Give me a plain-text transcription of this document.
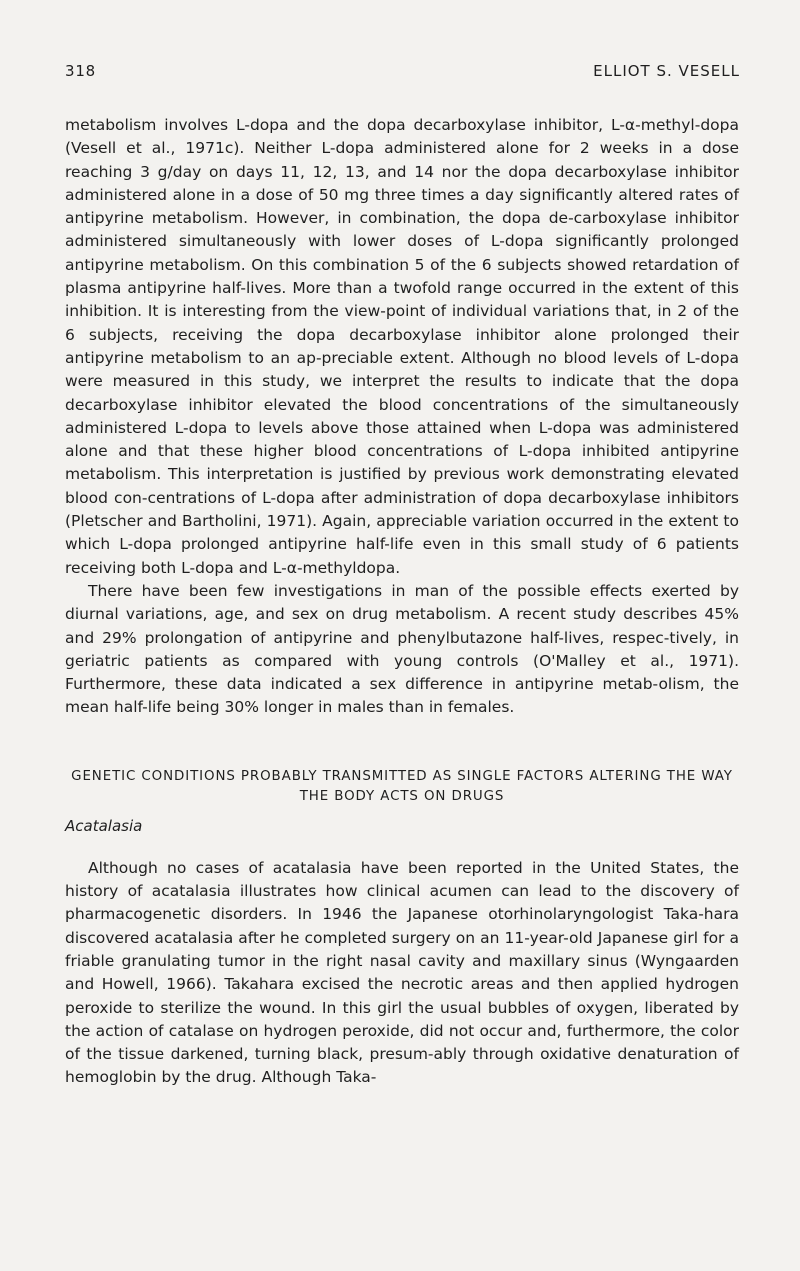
318	ELLIOT S. VESELL

metabolism involves L-dopa and the dopa decarboxylase inhibitor, L-α-methyl-dopa (Vesell et al., 1971c). Neither L-dopa administered alone for 2 weeks in a dose reaching 3 g/day on days 11, 12, 13, and 14 nor the dopa decarboxylase inhibitor administered alone in a dose of 50 mg three times a day significantly altered rates of antipyrine metabolism. However, in combination, the dopa de-carboxylase inhibitor administered simultaneously with lower doses of L-dopa significantly prolonged antipyrine metabolism. On this combination 5 of the 6 subjects showed retardation of plasma antipyrine half-lives. More than a twofold range occurred in the extent of this inhibition. It is interesting from the view-point of individual variations that, in 2 of the 6 subjects, receiving the dopa decarboxylase inhibitor alone prolonged their antipyrine metabolism to an ap-preciable extent. Although no blood levels of L-dopa were measured in this study, we interpret the results to indicate that the dopa decarboxylase inhibitor elevated the blood concentrations of the simultaneously administered L-dopa to levels above those attained when L-dopa was administered alone and that these higher blood concentrations of L-dopa inhibited antipyrine metabolism. This interpretation is justified by previous work demonstrating elevated blood con-centrations of L-dopa after administration of dopa decarboxylase inhibitors (Pletscher and Bartholini, 1971). Again, appreciable variation occurred in the extent to which L-dopa prolonged antipyrine half-life even in this small study of 6 patients receiving both L-dopa and L-α-methyldopa.

There have been few investigations in man of the possible effects exerted by diurnal variations, age, and sex on drug metabolism. A recent study describes 45% and 29% prolongation of antipyrine and phenylbutazone half-lives, respec-tively, in geriatric patients as compared with young controls (O'Malley et al., 1971). Furthermore, these data indicated a sex difference in antipyrine metab-olism, the mean half-life being 30% longer in males than in females.

GENETIC CONDITIONS PROBABLY TRANSMITTED AS SINGLE FACTORS ALTERING THE WAY THE BODY ACTS ON DRUGS
Acatalasia

Although no cases of acatalasia have been reported in the United States, the history of acatalasia illustrates how clinical acumen can lead to the discovery of pharmacogenetic disorders. In 1946 the Japanese otorhinolaryngologist Taka-hara discovered acatalasia after he completed surgery on an 11-year-old Japanese girl for a friable granulating tumor in the right nasal cavity and maxillary sinus (Wyngaarden and Howell, 1966). Takahara excised the necrotic areas and then applied hydrogen peroxide to sterilize the wound. In this girl the usual bubbles of oxygen, liberated by the action of catalase on hydrogen peroxide, did not occur and, furthermore, the color of the tissue darkened, turning black, presum-ably through oxidative denaturation of hemoglobin by the drug. Although Taka-
